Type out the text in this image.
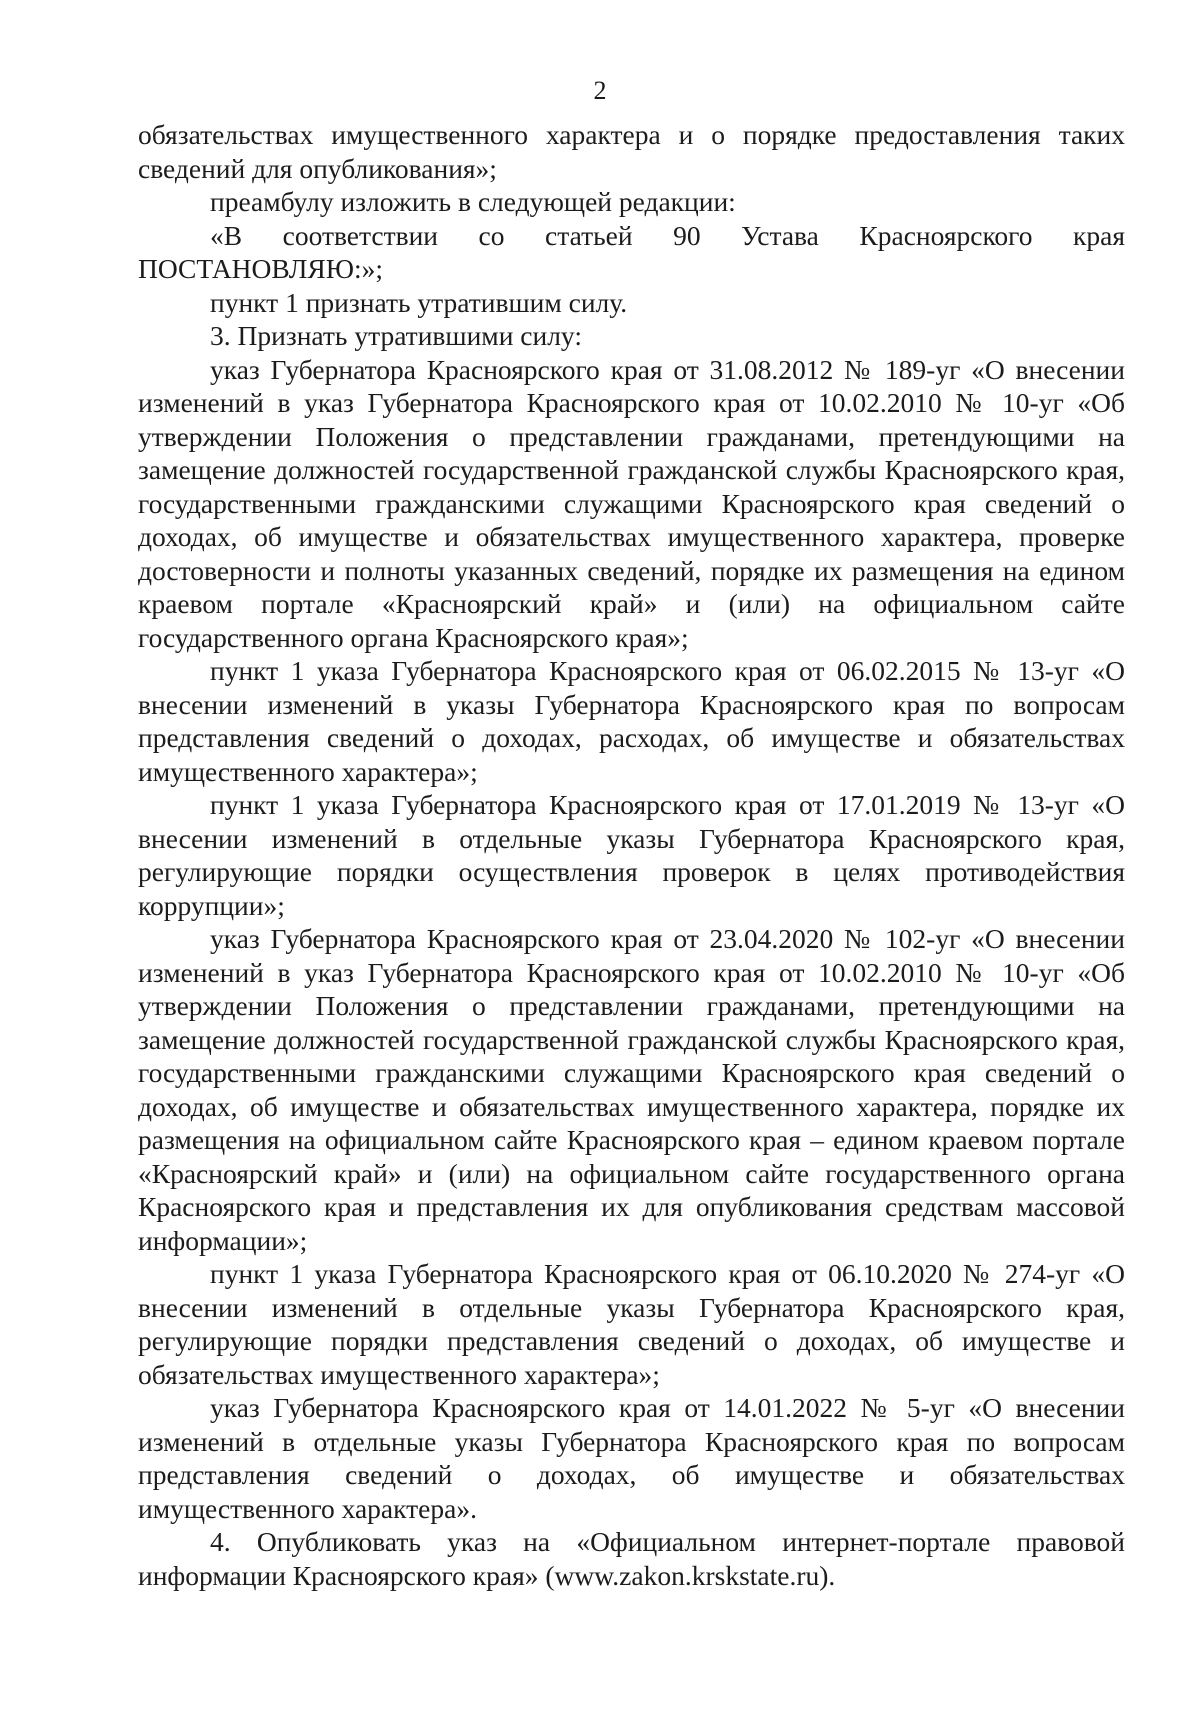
2

обязательствах имущественного характера и о порядке предоставления таких сведений для опубликования»;

преамбулу изложить в следующей редакции:

«В соответствии со статьей 90 Устава Красноярского края ПОСТАНОВЛЯЮ:»;

пункт 1 признать утратившим силу.

3. Признать утратившими силу:

указ Губернатора Красноярского края от 31.08.2012 № 189-уг «О внесении изменений в указ Губернатора Красноярского края от 10.02.2010 № 10-уг «Об утверждении Положения о представлении гражданами, претендующими на замещение должностей государственной гражданской службы Красноярского края, государственными гражданскими служащими Красноярского края сведений о доходах, об имуществе и обязательствах имущественного характера, проверке достоверности и полноты указанных сведений, порядке их размещения на едином краевом портале «Красноярский край» и (или) на официальном сайте государственного органа Красноярского края»;

пункт 1 указа Губернатора Красноярского края от 06.02.2015 № 13-уг «О внесении изменений в указы Губернатора Красноярского края по вопросам представления сведений о доходах, расходах, об имуществе и обязательствах имущественного характера»;

пункт 1 указа Губернатора Красноярского края от 17.01.2019 № 13-уг «О внесении изменений в отдельные указы Губернатора Красноярского края, регулирующие порядки осуществления проверок в целях противодействия коррупции»;

указ Губернатора Красноярского края от 23.04.2020 № 102-уг «О внесении изменений в указ Губернатора Красноярского края от 10.02.2010 № 10-уг «Об утверждении Положения о представлении гражданами, претендующими на замещение должностей государственной гражданской службы Красноярского края, государственными гражданскими служащими Красноярского края сведений о доходах, об имуществе и обязательствах имущественного характера, порядке их размещения на официальном сайте Красноярского края – едином краевом портале «Красноярский край» и (или) на официальном сайте государственного органа Красноярского края и представления их для опубликования средствам массовой информации»;

пункт 1 указа Губернатора Красноярского края от 06.10.2020 № 274-уг «О внесении изменений в отдельные указы Губернатора Красноярского края, регулирующие порядки представления сведений о доходах, об имуществе и обязательствах имущественного характера»;

указ Губернатора Красноярского края от 14.01.2022 № 5-уг «О внесении изменений в отдельные указы Губернатора Красноярского края по вопросам представления сведений о доходах, об имуществе и обязательствах имущественного характера».

4. Опубликовать указ на «Официальном интернет-портале правовой информации Красноярского края» (www.zakon.krskstate.ru).
